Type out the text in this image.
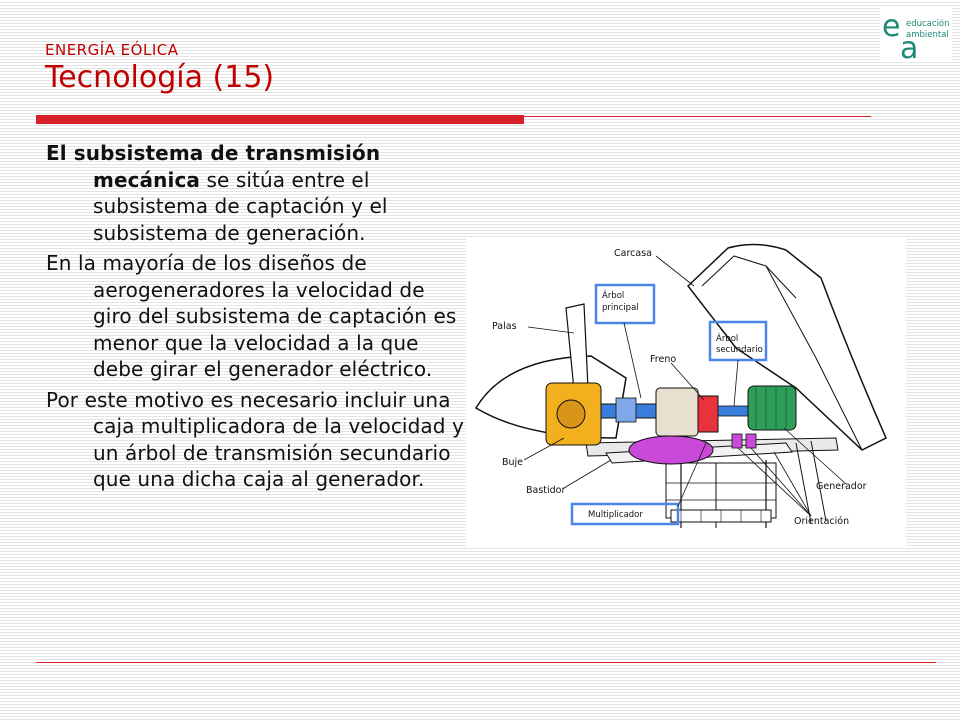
ENERGÍA EÓLICA
Tecnología (15)
e
a
educación
ambiental

El subsistema de transmisión mecánica se sitúa entre el subsistema de captación y el subsistema de generación.

En la mayoría de los diseños de aerogeneradores la velocidad de giro del subsistema de captación es menor que la velocidad a la que debe girar el generador eléctrico.

Por este motivo es necesario incluir una caja multiplicadora de la velocidad y un árbol de transmisión secundario que una dicha caja al generador.

Carcasa
Árbol
principal
Árbol
secundario
Palas
Freno
Buje
Bastidor	Generador
Multiplicador
Orientación
